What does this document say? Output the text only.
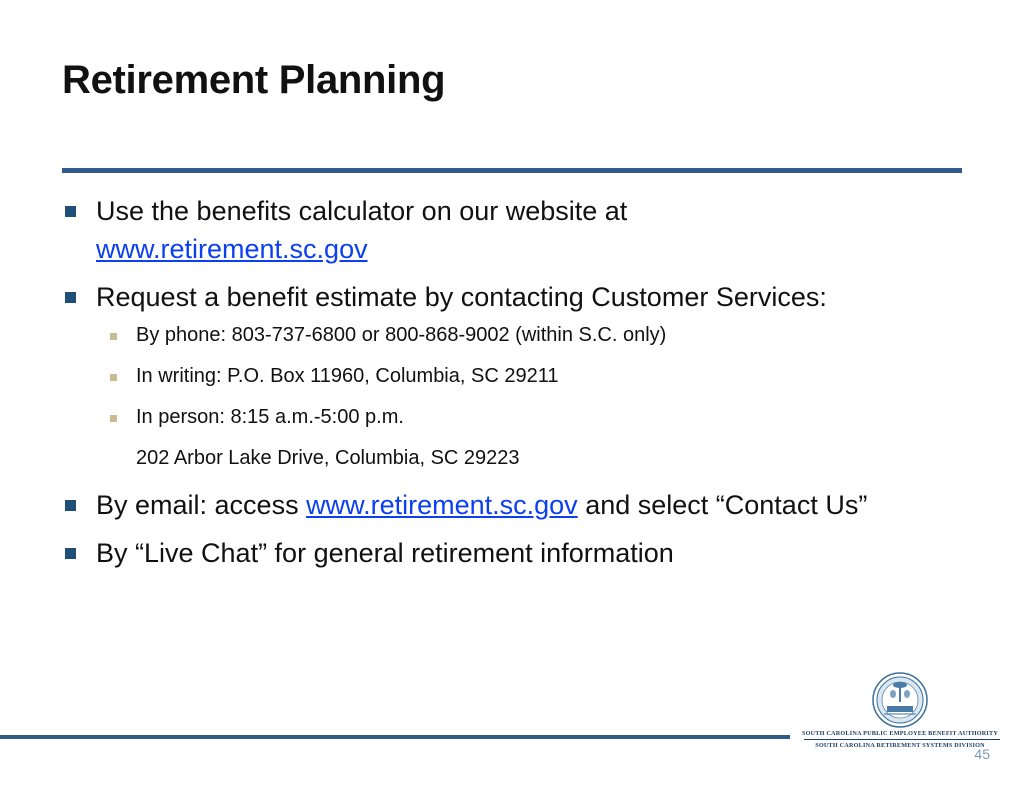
Retirement Planning
Use the benefits calculator on our website at
www.retirement.sc.gov
Request a benefit estimate by contacting Customer Services:
By phone: 803-737-6800 or 800-868-9002 (within S.C. only)
In writing: P.O. Box 11960, Columbia, SC 29211
In person: 8:15 a.m.-5:00 p.m.
202 Arbor Lake Drive, Columbia, SC 29223
By email: access www.retirement.sc.gov and select “Contact Us”
By “Live Chat” for general retirement information
SOUTH CAROLINA PUBLIC EMPLOYEE BENEFIT AUTHORITY
SOUTH CAROLINA RETIREMENT SYSTEMS DIVISION
45
